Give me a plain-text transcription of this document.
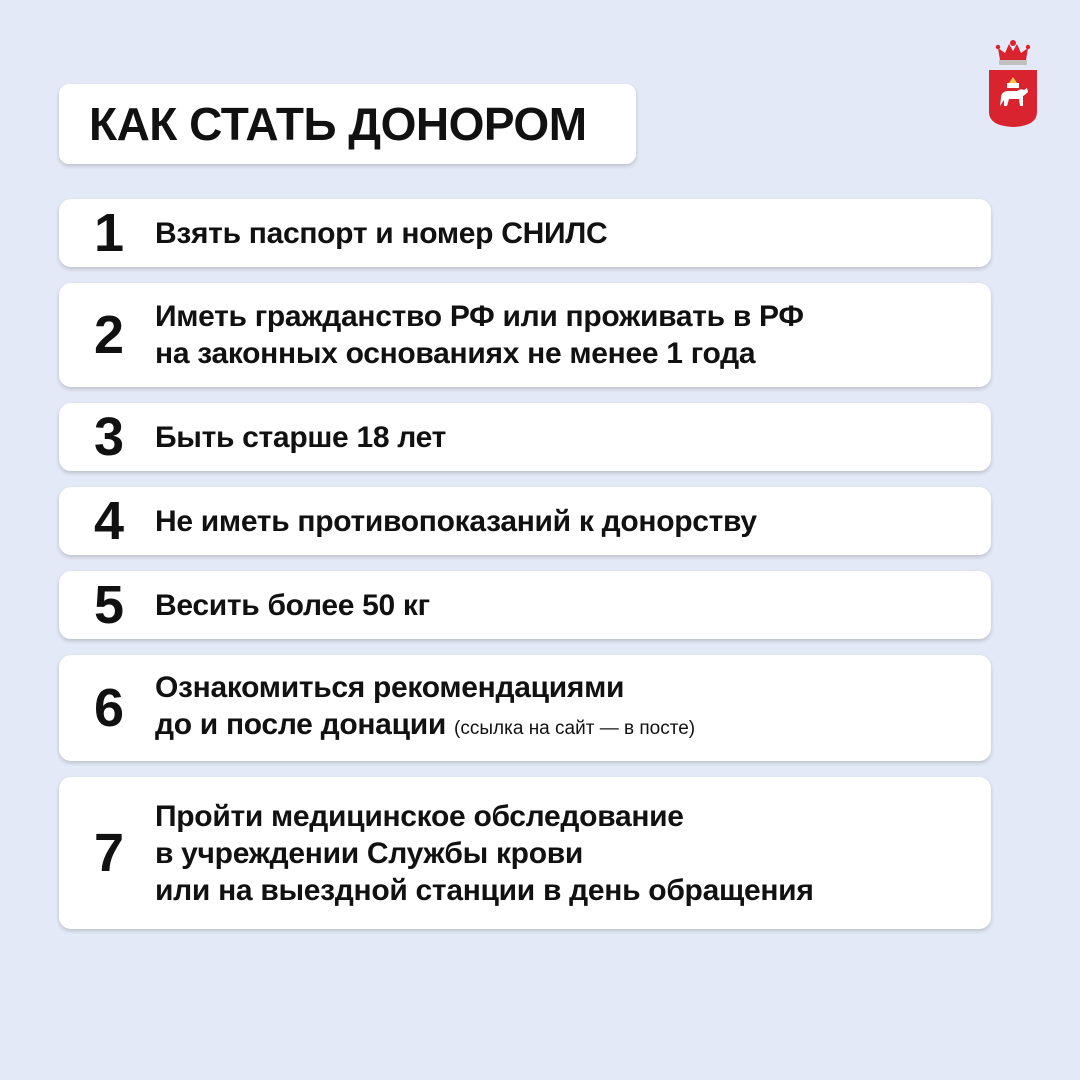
КАК СТАТЬ ДОНОРОМ
1	Взять паспорт и номер СНИЛС
2	Иметь гражданство РФ или проживать в РФ
на законных основаниях не менее 1 года
3	Быть старше 18 лет
4	Не иметь противопоказаний к донорству
5	Весить более 50 кг
6	Ознакомиться рекомендациями
до и после донации (ссылка на сайт — в посте)
7
Пройти медицинское обследование
в учреждении Службы крови
или на выездной станции в день обращения
